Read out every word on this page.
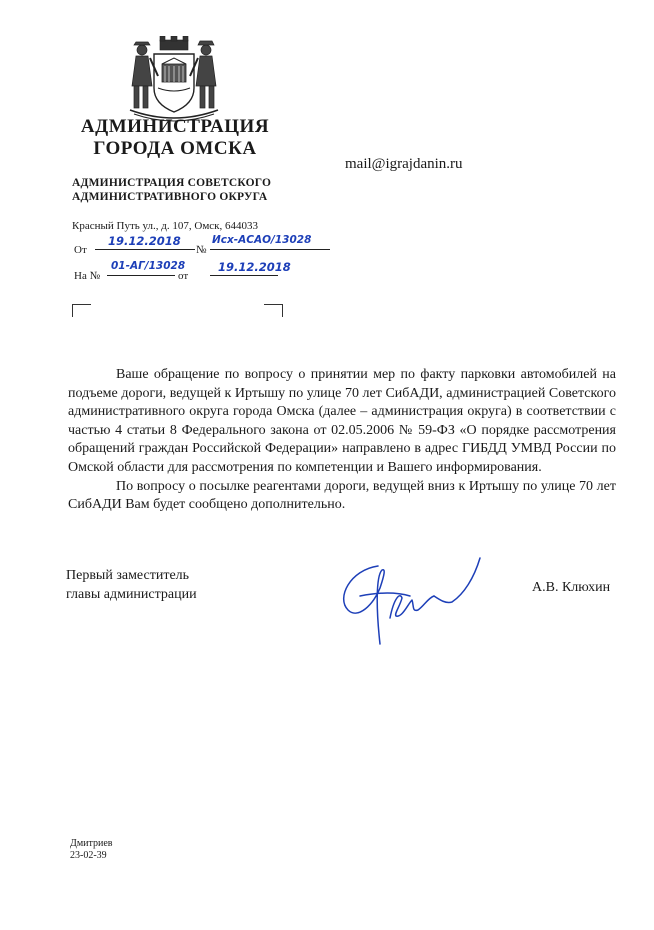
АДМИНИСТРАЦИЯ
ГОРОДА ОМСКА
АДМИНИСТРАЦИЯ СОВЕТСКОГО
АДМИНИСТРАТИВНОГО ОКРУГА
mail@igrajdanin.ru
Красный Путь ул., д. 107, Омск, 644033
От
19.12.2018
№
Исх-АСАО/13028
На №
01-АГ/13028
от
19.12.2018

Ваше обращение по вопросу о принятии мер по факту парковки автомобилей на подъеме дороги, ведущей к Иртышу по улице 70 лет СибАДИ, администрацией Советского административного округа города Омска (далее – администрация округа) в соответствии с частью 4 статьи 8 Федерального закона от 02.05.2006 № 59-ФЗ «О порядке рассмотрения обращений граждан Российской Федерации» направлено в адрес ГИБДД УМВД России по Омской области для рассмотрения по компетенции и Вашего информирования.

По вопросу о посылке реагентами дороги, ведущей вниз к Иртышу по улице 70 лет СибАДИ Вам будет сообщено дополнительно.

Первый заместитель
главы администрации	А.В. Клюхин
Дмитриев
23-02-39
